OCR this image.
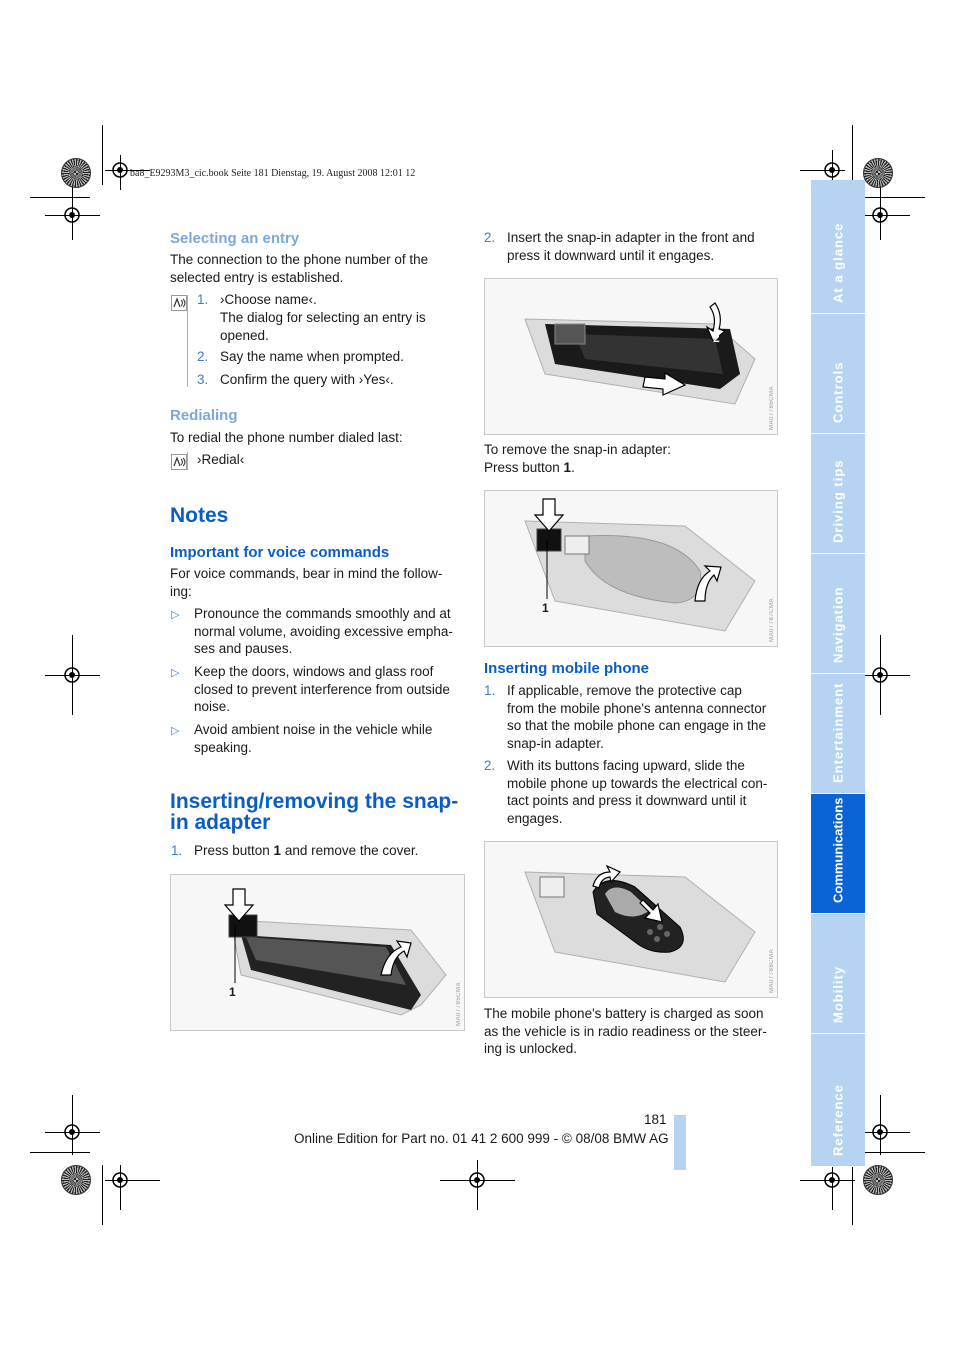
ba8_E9293M3_cic.book Seite 181 Dienstag, 19. August 2008 12:01 12
Selecting an entry
The connection to the phone number of the
selected entry is established.
1. ›Choose name‹.
The dialog for selecting an entry is
opened.
2. Say the name when prompted.
3. Confirm the query with ›Yes‹.
Redialing
To redial the phone number dialed last:
›Redial‹
Notes
Important for voice commands
For voice commands, bear in mind the follow-
ing:
▷ Pronounce the commands smoothly and at
normal volume, avoiding excessive empha-
ses and pauses.
▷ Keep the doors, windows and glass roof
closed to prevent interference from outside
noise.
▷ Avoid ambient noise in the vehicle while
speaking.
Inserting/removing the snap-
in adapter
1. Press button 1 and remove the cover.
1	MA07785CMA
2. Insert the snap-in adapter in the front and
press it downward until it engages.
2
MA07786CMA
To remove the snap-in adapter:
Press button 1.
1	MA07787CMA
Inserting mobile phone
1. If applicable, remove the protective cap
from the mobile phone's antenna connector
so that the mobile phone can engage in the
snap-in adapter.
2. With its buttons facing upward, slide the
mobile phone up towards the electrical con-
tact points and press it downward until it
engages.
MA07788CMA
The mobile phone's battery is charged as soon
as the vehicle is in radio readiness or the steer-
ing is unlocked.
At a glance
Controls
Driving tips
Navigation
Entertainment
Communications
Mobility
Reference
181
Online Edition for Part no. 01 41 2 600 999 - © 08/08 BMW AG
